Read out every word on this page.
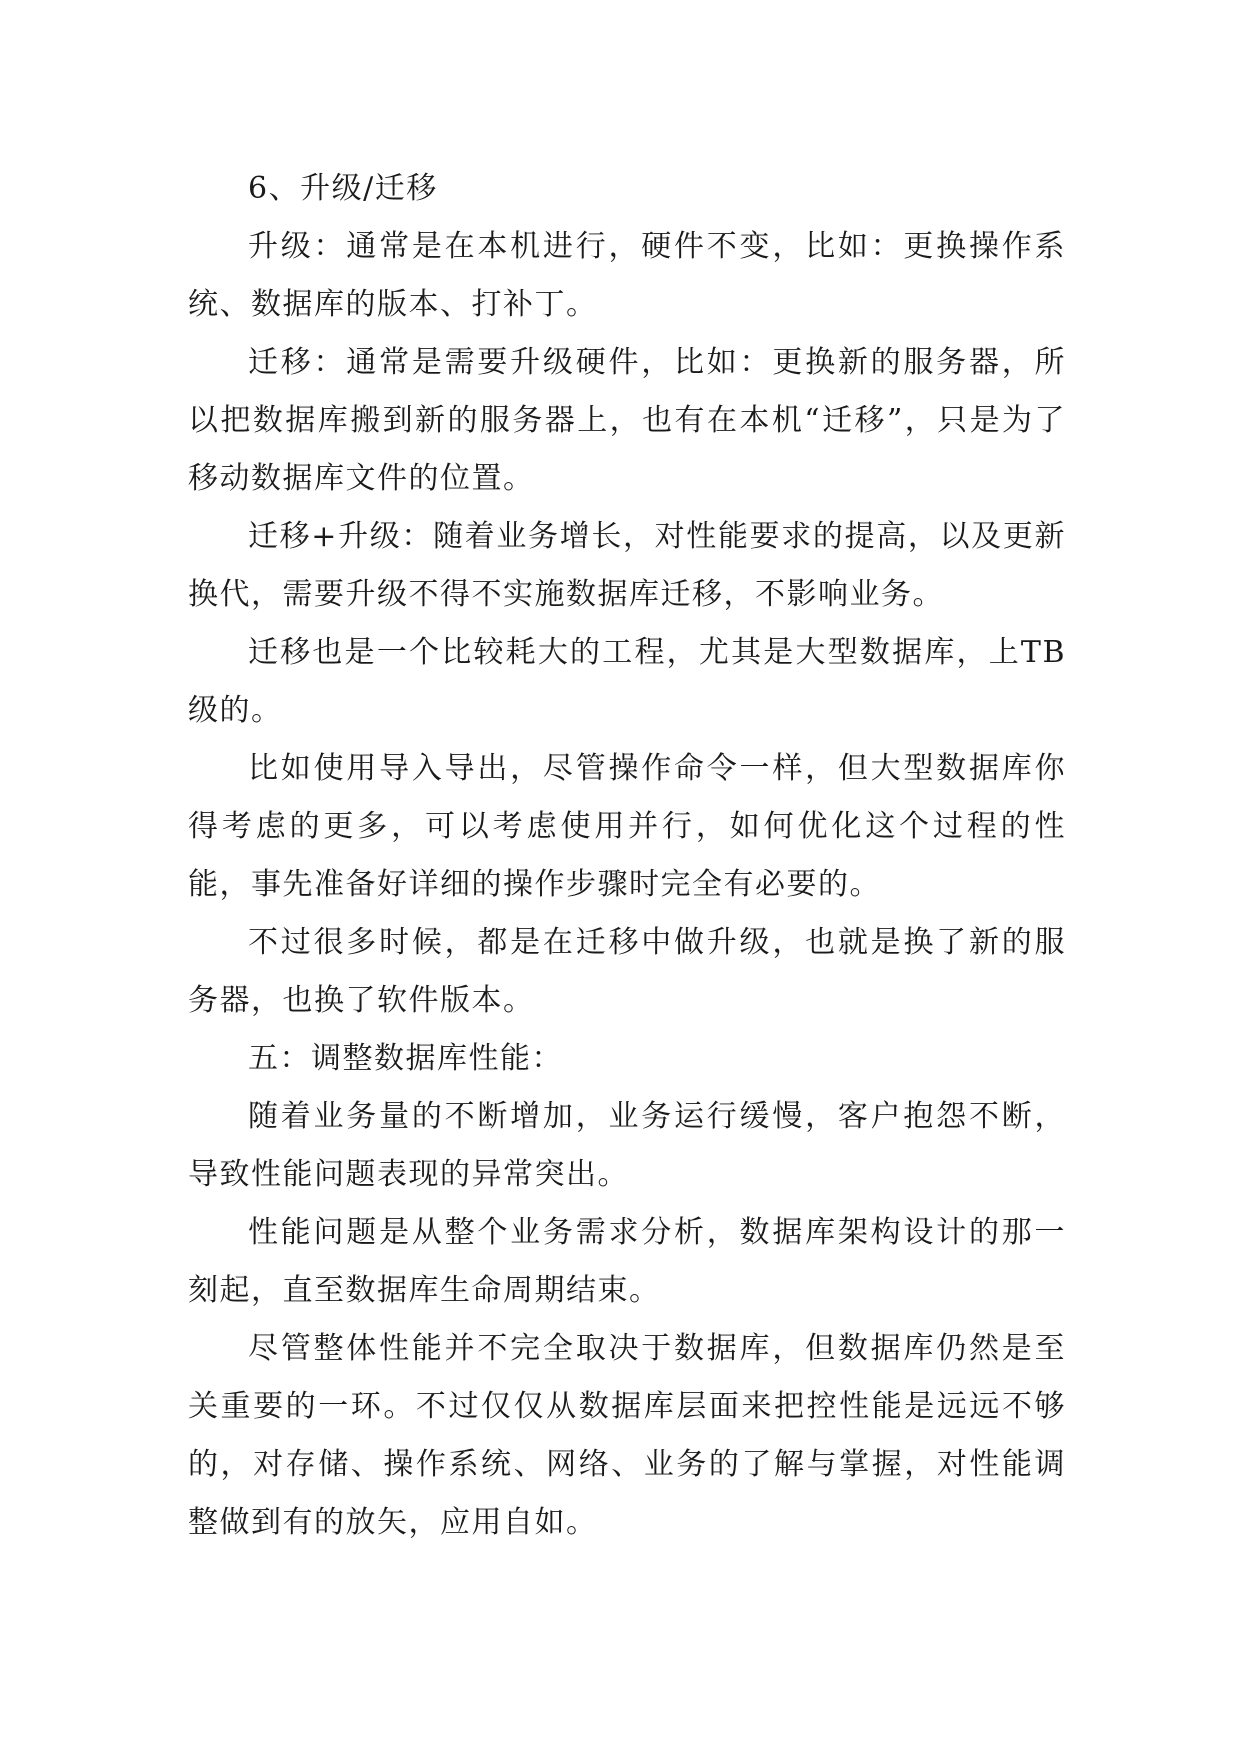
6、升级/迁移

升级：通常是在本机进行，硬件不变，比如：更换操作系统、数据库的版本、打补丁。

迁移：通常是需要升级硬件，比如：更换新的服务器，所以把数据库搬到新的服务器上，也有在本机“迁移”，只是为了移动数据库文件的位置。

迁移+升级：随着业务增长，对性能要求的提高，以及更新换代，需要升级不得不实施数据库迁移，不影响业务。

迁移也是一个比较耗大的工程，尤其是大型数据库，上TB级的。

比如使用导入导出，尽管操作命令一样，但大型数据库你得考虑的更多，可以考虑使用并行，如何优化这个过程的性能，事先准备好详细的操作步骤时完全有必要的。

不过很多时候，都是在迁移中做升级，也就是换了新的服务器，也换了软件版本。

五：调整数据库性能：

随着业务量的不断增加，业务运行缓慢，客户抱怨不断，导致性能问题表现的异常突出。

性能问题是从整个业务需求分析，数据库架构设计的那一刻起，直至数据库生命周期结束。

尽管整体性能并不完全取决于数据库，但数据库仍然是至关重要的一环。不过仅仅从数据库层面来把控性能是远远不够的，对存储、操作系统、网络、业务的了解与掌握，对性能调整做到有的放矢，应用自如。
